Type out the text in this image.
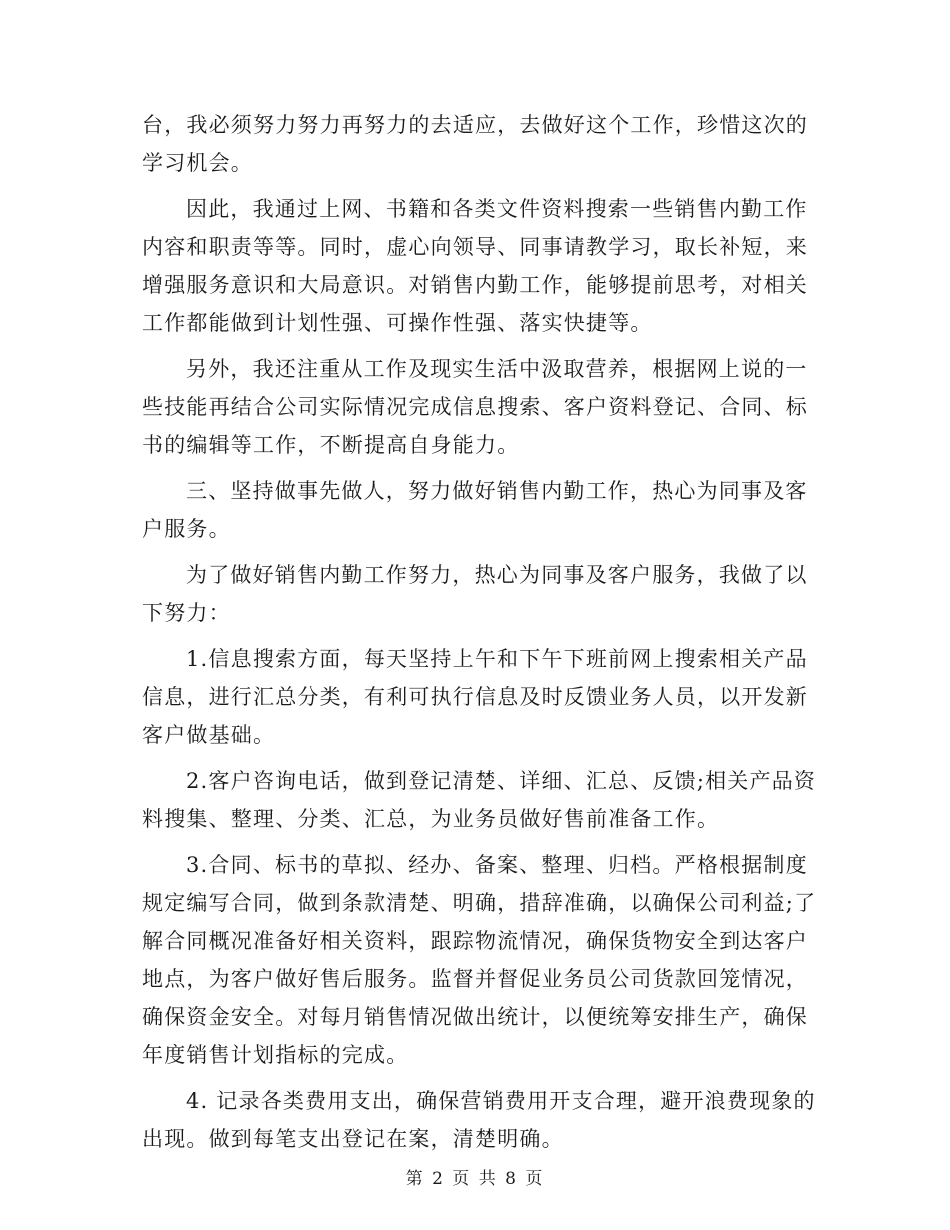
台，我必须努力努力再努力的去适应，去做好这个工作，珍惜这次的
学习机会。
因此，我通过上网、书籍和各类文件资料搜索一些销售内勤工作
内容和职责等等。同时，虚心向领导、同事请教学习，取长补短，来
增强服务意识和大局意识。对销售内勤工作，能够提前思考，对相关
工作都能做到计划性强、可操作性强、落实快捷等。
另外，我还注重从工作及现实生活中汲取营养，根据网上说的一
些技能再结合公司实际情况完成信息搜索、客户资料登记、合同、标
书的编辑等工作，不断提高自身能力。
三、坚持做事先做人，努力做好销售内勤工作，热心为同事及客
户服务。
为了做好销售内勤工作努力，热心为同事及客户服务，我做了以
下努力：
1.信息搜索方面，每天坚持上午和下午下班前网上搜索相关产品
信息，进行汇总分类，有利可执行信息及时反馈业务人员，以开发新
客户做基础。
2.客户咨询电话，做到登记清楚、详细、汇总、反馈;相关产品资
料搜集、整理、分类、汇总，为业务员做好售前准备工作。
3.合同、标书的草拟、经办、备案、整理、归档。严格根据制度
规定编写合同，做到条款清楚、明确，措辞准确，以确保公司利益;了
解合同概况准备好相关资料，跟踪物流情况，确保货物安全到达客户
地点，为客户做好售后服务。监督并督促业务员公司货款回笼情况，
确保资金安全。对每月销售情况做出统计，以便统筹安排生产，确保
年度销售计划指标的完成。
4. 记录各类费用支出，确保营销费用开支合理，避开浪费现象的
出现。做到每笔支出登记在案，清楚明确。
第 2 页 共 8 页
